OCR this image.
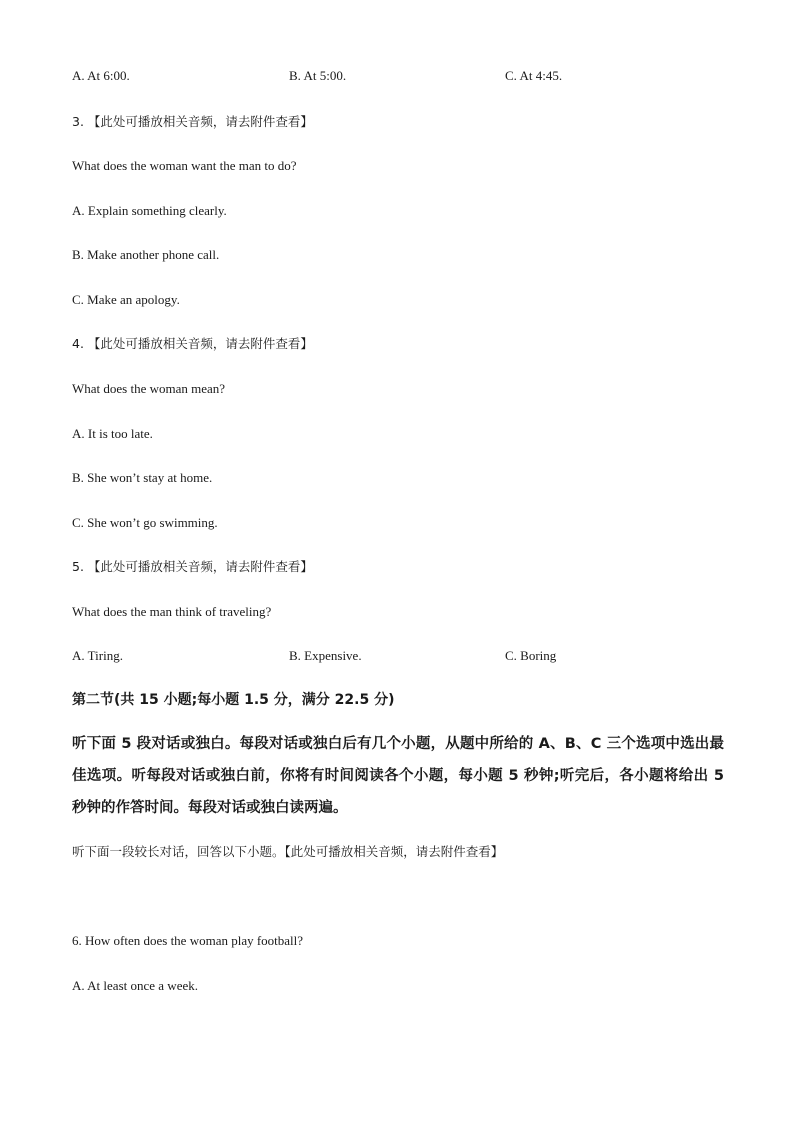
A. At 6:00.	B. At 5:00.	C. At 4:45.
3. 【此处可播放相关音频，请去附件查看】
What does the woman want the man to do?
A. Explain something clearly.
B. Make another phone call.
C. Make an apology.
4. 【此处可播放相关音频，请去附件查看】
What does the woman mean?
A. It is too late.
B. She won’t stay at home.
C. She won’t go swimming.
5. 【此处可播放相关音频，请去附件查看】
What does the man think of traveling?
A. Tiring.	B. Expensive.	C. Boring
第二节(共 15 小题;每小题 1.5 分，满分 22.5 分)
听下面 5 段对话或独白。每段对话或独白后有几个小题，从题中所给的 A、B、C 三个选项中选出最佳选项。听每段对话或独白前，你将有时间阅读各个小题，每小题 5 秒钟;听完后，各小题将给出 5 秒钟的作答时间。每段对话或独白读两遍。
听下面一段较长对话，回答以下小题。【此处可播放相关音频，请去附件查看】
6. How often does the woman play football?
A. At least once a week.
